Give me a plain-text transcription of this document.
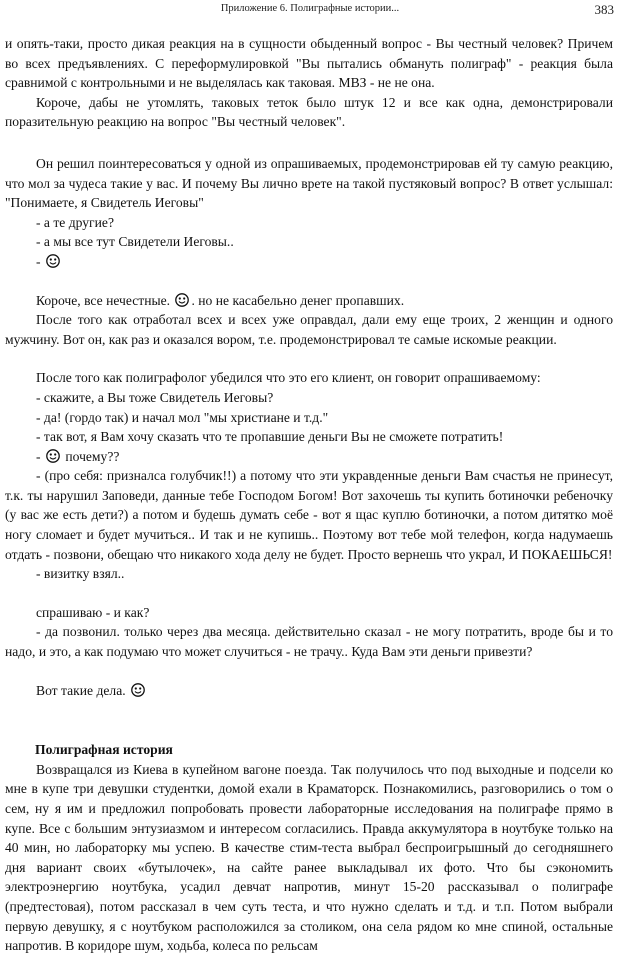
Приложение 6. Полиграфные истории...	383

и опять-таки, просто дикая реакция на в сущности обыденный вопрос - Вы честный человек? Причем во всех предъявлениях. С переформулировкой "Вы пытались обмануть полиграф" - реакция была сравнимой с контрольными и не выделялась как таковая. МВЗ - не не она.

Короче, дабы не утомлять, таковых теток было штук 12 и все как одна, демонстрировали поразительную реакцию на вопрос "Вы честный человек".

Он решил поинтересоваться у одной из опрашиваемых, продемонстрировав ей ту самую реакцию, что мол за чудеса такие у вас. И почему Вы лично врете на такой пустяковый вопрос? В ответ услышал: "Понимаете, я Свидетель Иеговы"

- а те другие?

- а мы все тут Свидетели Иеговы..

-

Короче, все нечестные. . но не касабельно денег пропавших.

После того как отработал всех и всех уже оправдал, дали ему еще троих, 2 женщин и одного мужчину. Вот он, как раз и оказался вором, т.е. продемонстрировал те самые искомые реакции.

После того как полиграфолог убедился что это его клиент, он говорит опрашиваемому:

- скажите, а Вы тоже Свидетель Иеговы?

- да! (гордо так) и начал мол "мы христиане и т.д."

- так вот, я Вам хочу сказать что те пропавшие деньги Вы не сможете потратить!

- почему??

- (про себя: призналса голубчик!!) а потому что эти укравденные деньги Вам счастья не принесут, т.к. ты нарушил Заповеди, данные тебе Господом Богом! Вот захочешь ты купить ботиночки ребеночку (у вас же есть дети?) а потом и будешь думать себе - вот я щас куплю ботиночки, а потом дитятко моё ногу сломает и будет мучиться.. И так и не купишь.. Поэтому вот тебе мой телефон, когда надумаешь отдать - позвони, обещаю что никакого хода делу не будет. Просто вернешь что украл, И ПОКАЕШЬСЯ!

- визитку взял..

спрашиваю - и как?

- да позвонил. только через два месяца. действительно сказал - не могу потратить, вроде бы и то надо, и это, а как подумаю что может случиться - не трачу.. Куда Вам эти деньги привезти?

Вот такие дела.

Полиграфная история

Возвращался из Киева в купейном вагоне поезда. Так получилось что под выходные и подсели ко мне в купе три девушки студентки, домой ехали в Краматорск. Познакомились, разговорились о том о сем, ну я им и предложил попробовать провести лабораторные исследования на полиграфе прямо в купе. Все с большим энтузиазмом и интересом согласились. Правда аккумулятора в ноутбуке только на 40 мин, но лабораторку мы успею. В качестве стим-теста выбрал беспроигрышный до сегодняшнего дня вариант своих «бутылочек», на сайте ранее выкладывал их фото. Что бы сэкономить электроэнергию ноутбука, усадил девчат напротив, минут 15-20 рассказывал о полиграфе (предтестовая), потом рассказал в чем суть теста, и что нужно сделать и т.д. и т.п. Потом выбрали первую девушку, я с ноутбуком расположился за столиком, она села рядом ко мне спиной, остальные напротив. В коридоре шум, ходьба, колеса по рельсам
